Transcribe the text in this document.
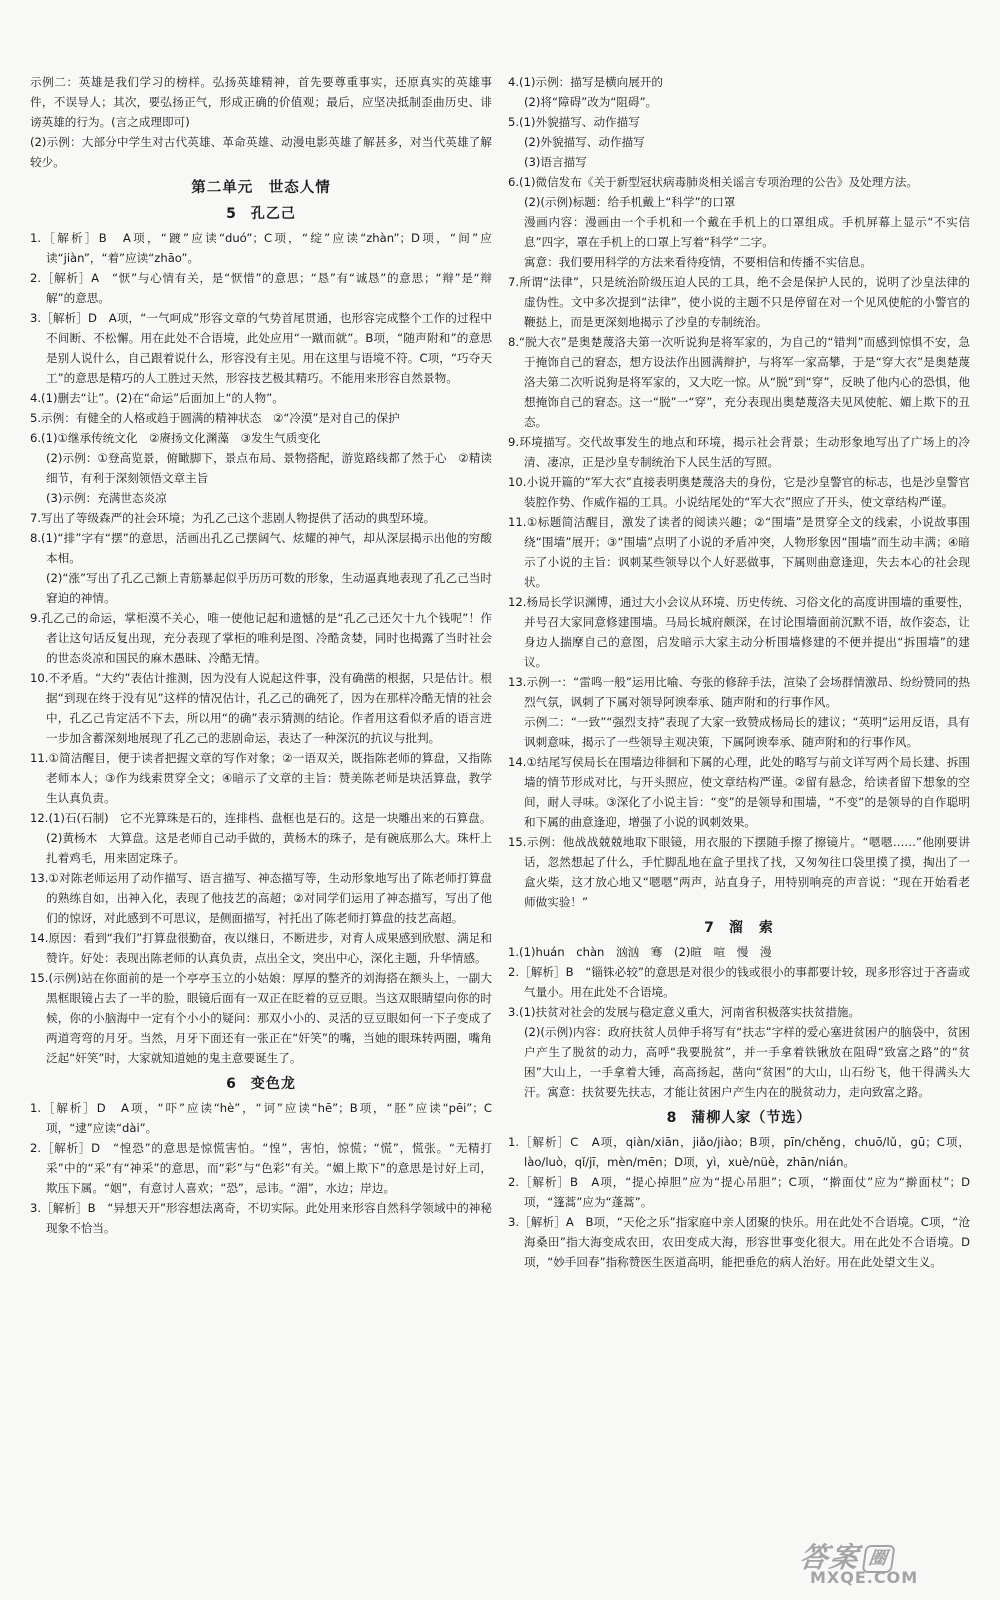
示例二：英雄是我们学习的榜样。弘扬英雄精神，首先要尊重事实，还原真实的英雄事件，不误导人；其次，要弘扬正气，形成正确的价值观；最后，应坚决抵制歪曲历史、诽谤英雄的行为。(言之成理即可)

(2)示例：大部分中学生对古代英雄、革命英雄、动漫电影英雄了解甚多，对当代英雄了解较少。

第二单元　世态人情
5 孔乙己

1.［解析］B　A项，“踱”应读“duó”；C项，“绽”应读“zhàn”；D项，“间”应读“jiàn”，“着”应读“zhāo”。

2.［解析］A　“恹”与心情有关，是“恹惜”的意思；“恳”有“诚恳”的意思；“辩”是“辩解”的意思。

3.［解析］D　A项，“一气呵成”形容文章的气势首尾贯通，也形容完成整个工作的过程中不间断、不松懈。用在此处不合语境，此处应用“一蹴而就”。B项，“随声附和”的意思是别人说什么，自己跟着说什么，形容没有主见。用在这里与语境不符。C项，“巧夺天工”的意思是精巧的人工胜过天然，形容技艺极其精巧。不能用来形容自然景物。

4.(1)删去“让”。(2)在“命运”后面加上“的人物”。

5.示例：有健全的人格或趋于圆满的精神状态　②“冷漠”是对自己的保护

6.(1)①继承传统文化　②赓扬文化渊藻　③发生气质变化

(2)示例：①登高览景，俯瞰脚下，景点布局、景物搭配，游览路线都了然于心　②精读细节，有利于深刻领悟文章主旨

(3)示例：充满世态炎凉

7.写出了等级森严的社会环境；为孔乙己这个悲剧人物提供了活动的典型环境。

8.(1)“排”字有“摆”的意思，活画出孔乙己摆阔气、炫耀的神气，却从深层揭示出他的穷酸本相。

(2)“涨”写出了孔乙己额上青筋暴起似乎历历可数的形象，生动逼真地表现了孔乙己当时窘迫的神情。

9.孔乙己的命运，掌柜漠不关心，唯一使他记起和遗憾的是“孔乙己还欠十九个钱呢”！作者让这句话反复出现，充分表现了掌柜的唯利是图、冷酷贪婪，同时也揭露了当时社会的世态炎凉和国民的麻木愚昧、冷酷无情。

10.不矛盾。“大约”表估计推测，因为没有人说起这件事，没有确凿的根据，只是估计。根据“到现在终于没有见”这样的情况估计，孔乙己的确死了，因为在那样冷酷无情的社会中，孔乙己肯定活不下去，所以用“的确”表示猜测的结论。作者用这看似矛盾的语言进一步加含蓄深刻地展现了孔乙己的悲剧命运，表达了一种深沉的抗议与批判。

11.①简洁醒目，便于读者把握文章的写作对象；②一语双关，既指陈老师的算盘，又指陈老师本人；③作为线索贯穿全文；④暗示了文章的主旨：赞美陈老师是块活算盘，教学生认真负责。

12.(1)石(石制)　它不光算珠是石的，连排档、盘框也是石的。这是一块雕出来的石算盘。

(2)黄杨木　大算盘。这是老师自己动手做的，黄杨木的珠子，是有碗底那么大。珠杆上扎着鸡毛，用来固定珠子。

13.①对陈老师运用了动作描写、语言描写、神态描写等，生动形象地写出了陈老师打算盘的熟练自如，出神入化，表现了他技艺的高超；②对同学们运用了神态描写，写出了他们的惊讶，对此感到不可思议，是侧面描写，衬托出了陈老师打算盘的技艺高超。

14.原因：看到“我们”打算盘很勤奋，夜以继日，不断进步，对育人成果感到欣慰、满足和赞许。好处：表现出陈老师的认真负责，点出全文，突出中心，深化主题，升华情感。

15.(示例)站在你面前的是一个亭亭玉立的小姑娘：厚厚的整齐的刘海搭在额头上，一副大黑框眼镜占去了一半的脸，眼镜后面有一双正在眨着的豆豆眼。当这双眼睛望向你的时候，你的小脑海中一定有个小小的疑问：那双小小的、灵活的豆豆眼如何一下子变成了两道弯弯的月牙。当然，月牙下面还有一张正在“奸笑”的嘴，当她的眼珠转两圈，嘴角泛起“奸笑”时，大家就知道她的鬼主意要诞生了。

6 变色龙

1.［解析］D　A项，“吓”应读“hè”，“诃”应读“hē”；B项，“胚”应读“pēi”；C项，“逮”应读“dài”。

2.［解析］D　“惶恐”的意思是惊慌害怕。“惶”，害怕，惊慌；“慌”，慌张。“无精打采”中的“采”有“神采”的意思，而“彩”与“色彩”有关。“媚上欺下”的意思是讨好上司，欺压下属。“姻”，有意讨人喜欢；“恐”，忌讳。“湄”，水边；岸边。

3.［解析］B　“异想天开”形容想法离奇，不切实际。此处用来形容自然科学领域中的神秘现象不恰当。

4.(1)示例：描写是横向展开的

(2)将“障碍”改为“阻碍”。

5.(1)外貌描写、动作描写

(2)外貌描写、动作描写

(3)语言描写

6.(1)微信发布《关于新型冠状病毒肺炎相关谣言专项治理的公告》及处理方法。

(2)(示例)标题：给手机戴上“科学”的口罩

漫画内容：漫画由一个手机和一个戴在手机上的口罩组成。手机屏幕上显示“不实信息”四字，罩在手机上的口罩上写着“科学”二字。

寓意：我们要用科学的方法来看待疫情，不要相信和传播不实信息。

7.所谓“法律”，只是统治阶级压迫人民的工具，绝不会是保护人民的，说明了沙皇法律的虚伪性。文中多次提到“法律”，使小说的主题不只是停留在对一个见风使舵的小警官的鞭挞上，而是更深刻地揭示了沙皇的专制统治。

8.“脱大衣”是奥楚蔑洛夫第一次听说狗是将军家的，为自己的“错判”而感到惊惧不安，急于掩饰自己的窘态，想方设法作出圆满辩护，与将军一家高攀，于是“穿大衣”是奥楚蔑洛夫第二次听说狗是将军家的，又大吃一惊。从“脱”到“穿”，反映了他内心的恐惧，他想掩饰自己的窘态。这一“脱”一“穿”，充分表现出奥楚蔑洛夫见风使舵、媚上欺下的丑态。

9.环境描写。交代故事发生的地点和环境，揭示社会背景；生动形象地写出了广场上的冷清、凄凉，正是沙皇专制统治下人民生活的写照。

10.小说开篇的“军大衣”直接表明奥楚蔑洛夫的身份，它是沙皇警官的标志，也是沙皇警官装腔作势、作威作福的工具。小说结尾处的“军大衣”照应了开头，使文章结构严谨。

11.①标题简洁醒目，激发了读者的阅读兴趣；②“围墙”是贯穿全文的线索，小说故事围绕“围墙”展开；③“围墙”点明了小说的矛盾冲突，人物形象因“围墙”而生动丰满；④暗示了小说的主旨：讽刺某些领导以个人好恶做事，下属则曲意逢迎，失去本心的社会现状。

12.杨局长学识渊博，通过大小会议从环境、历史传统、习俗文化的高度讲围墙的重要性，并号召大家同意修建围墙。马局长城府颇深，在讨论围墙面前沉默不语，故作姿态，让身边人揣摩自己的意图，启发暗示大家主动分析围墙修建的不便并提出“拆围墙”的建议。

13.示例一：“雷鸣一般”运用比喻、夸张的修辞手法，渲染了会场群情激昂、纷纷赞同的热烈气氛，讽刺了下属对领导阿谀奉承、随声附和的行事作风。

示例二：“一致”“强烈支持”表现了大家一致赞成杨局长的建议；“英明”运用反语，具有讽刺意味，揭示了一些领导主观决策，下属阿谀奉承、随声附和的行事作风。

14.①结尾写侯局长在围墙边徘徊和下属的心理，此处的略写与前文详写两个局长建、拆围墙的情节形成对比，与开头照应，使文章结构严谨。②留有悬念，给读者留下想象的空间，耐人寻味。③深化了小说主旨：“变”的是领导和围墙，“不变”的是领导的自作聪明和下属的曲意逢迎，增强了小说的讽刺效果。

15.示例：他战战兢兢地取下眼镜，用衣服的下摆随手擦了擦镜片。“嗯嗯……”他刚要讲话，忽然想起了什么，手忙脚乱地在盒子里找了找，又匆匆往口袋里摸了摸，掏出了一盒火柴，这才放心地又“嗯嗯”两声，站直身子，用特别响亮的声音说：“现在开始看老师做实验！”

7 溜　索

1.(1)huán　chàn　汹汹　骞　(2)暄　喧　慢　漫

2.［解析］B　“锱铢必较”的意思是对很少的钱或很小的事都要计较，现多形容过于吝啬或气量小。用在此处不合语境。

3.(1)扶贫对社会的发展与稳定意义重大，河南省积极落实扶贫措施。

(2)(示例)内容：政府扶贫人员伸手将写有“扶志”字样的爱心塞进贫困户的脑袋中，贫困户产生了脱贫的动力，高呼“我要脱贫”，并一手拿着铁锹放在阻碍“致富之路”的“贫困”大山上，一手拿着大锤，高高扬起，凿向“贫困”的大山，山石纷飞，他干得满头大汗。寓意：扶贫要先扶志，才能让贫困户产生内在的脱贫动力，走向致富之路。

8 蒲柳人家（节选）

1.［解析］C　A项，qiàn/xiān，jiǎo/jiào；B项，pīn/chěng，chuō/lǔ，gū；C项，lào/luò，qǐ/jī，mèn/mēn；D项，yì，xuè/nüè，zhān/nián。

2.［解析］B　A项，“提心掉胆”应为“提心吊胆”；C项，“擀面仗”应为“擀面杖”；D项，“篷蒿”应为“蓬蒿”。

3.［解析］A　B项，“天伦之乐”指家庭中亲人团聚的快乐。用在此处不合语境。C项，“沧海桑田”指大海变成农田，农田变成大海，形容世事变化很大。用在此处不合语境。D项，“妙手回春”指称赞医生医道高明，能把垂危的病人治好。用在此处望文生义。

答案 圈
MXQE.COM
